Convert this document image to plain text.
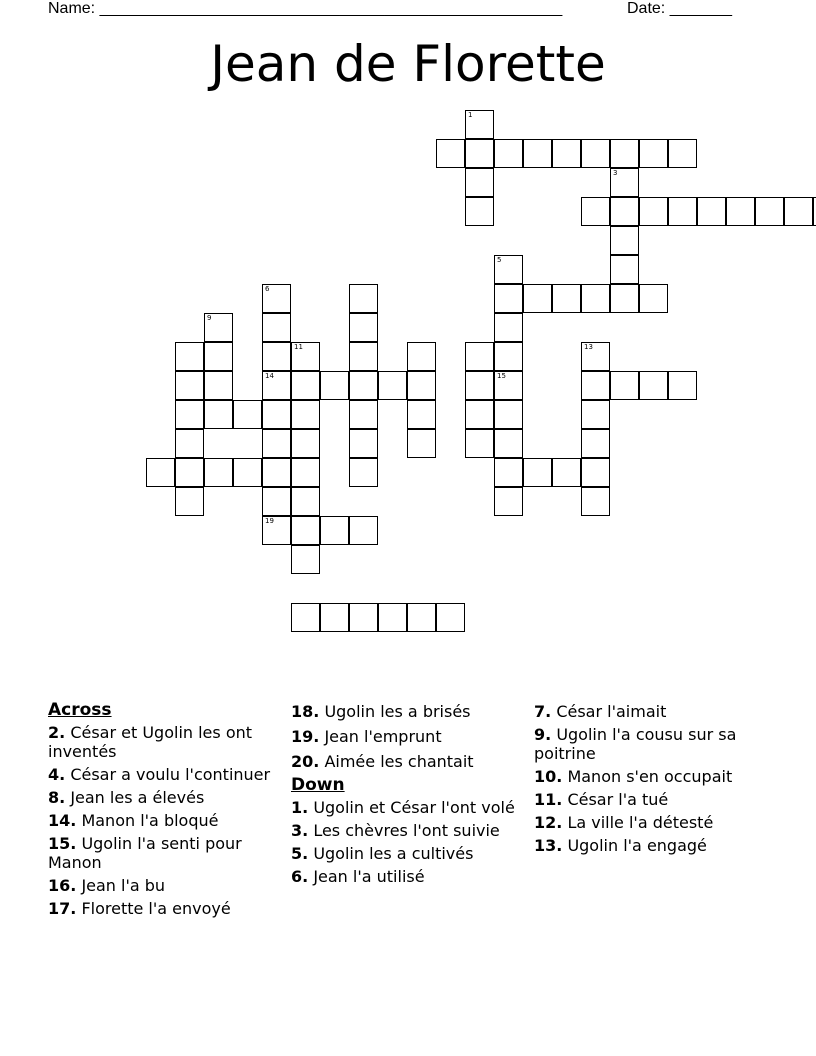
Name: ____________________________________________________	Date: _______
Jean de Florette
1
3
5
15
6
14
9
11	13
19
Across
2. César et Ugolin les ont inventés
4. César a voulu l'continuer
8. Jean les a élevés
14. Manon l'a bloqué
15. Ugolin l'a senti pour Manon
16. Jean l'a bu
17. Florette l'a envoyé
18. Ugolin les a brisés
19. Jean l'emprunt
20. Aimée les chantait
Down
1. Ugolin et César l'ont volé
3. Les chèvres l'ont suivie
5. Ugolin les a cultivés
6. Jean l'a utilisé
7. César l'aimait
9. Ugolin l'a cousu sur sa poitrine
10. Manon s'en occupait
11. César l'a tué
12. La ville l'a détesté
13. Ugolin l'a engagé
